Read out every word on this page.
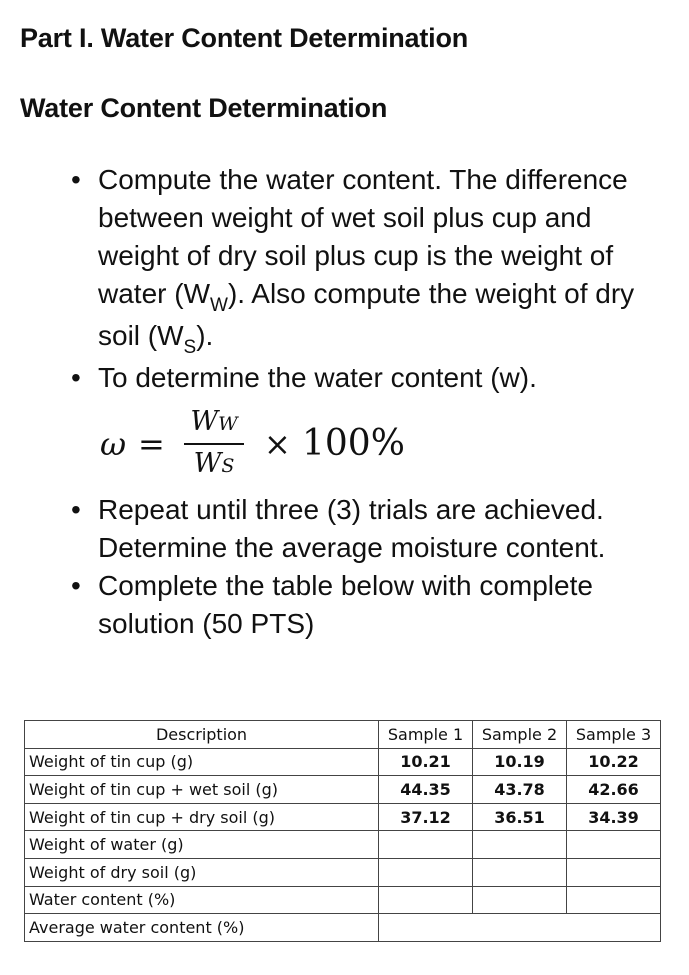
Part I. Water Content Determination
Water Content Determination
• Compute the water content. The difference between weight of wet soil plus cup and weight of dry soil plus cup is the weight of water $(W_W)$. Also compute the weight of dry soil $(W_S)$.
• To determine the water content (w).
ω =
WW
WS
× 100%
• Repeat until three (3) trials are achieved. Determine the average moisture content.
• Complete the table below with complete solution (50 PTS)
Description	Sample 1	Sample 2	Sample 3
Weight of tin cup (g)	10.21	10.19	10.22
Weight of tin cup + wet soil (g)	44.35	43.78	42.66
Weight of tin cup + dry soil (g)	37.12	36.51	34.39
Weight of water (g)			
Weight of dry soil (g)			
Water content (%)			
Average water content (%)			
